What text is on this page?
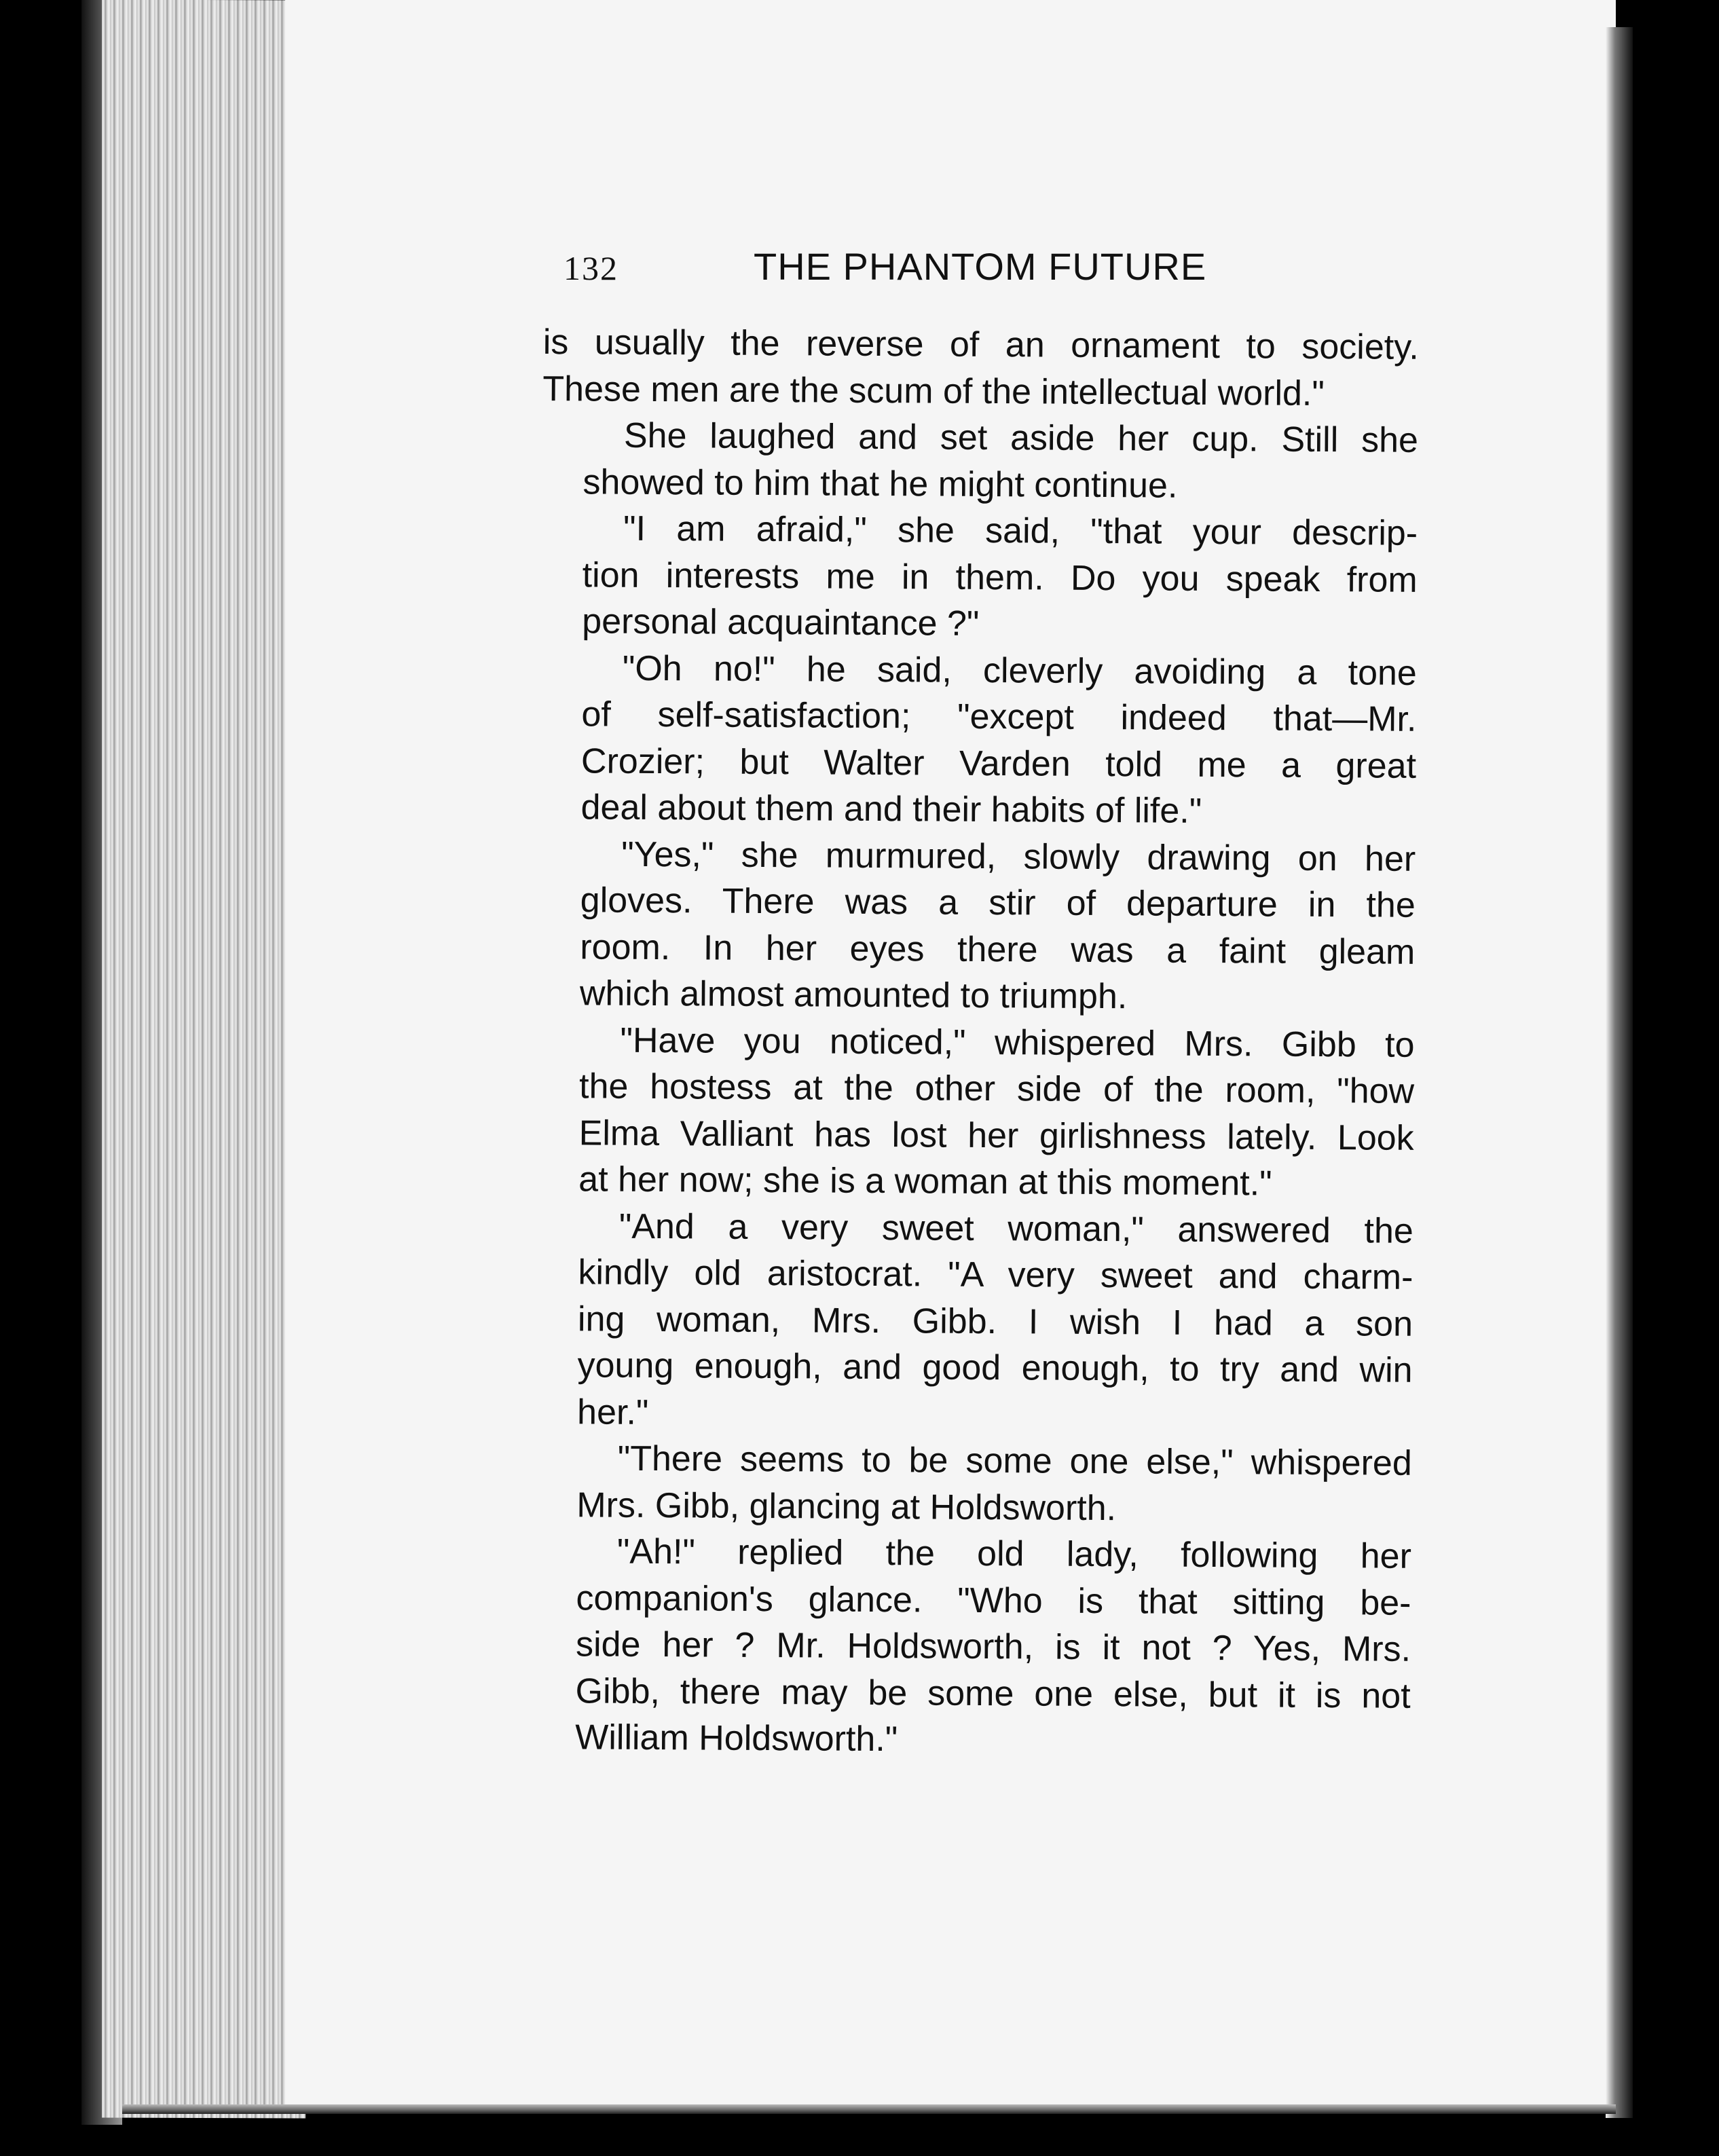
132	THE PHANTOM FUTURE
is usually the reverse of an ornament to society.
These men are the scum of the intellectual world."
She laughed and set aside her cup. Still she
showed to him that he might continue.
"I am afraid," she said, "that your descrip-
tion interests me in them. Do you speak from
personal acquaintance ?"
"Oh no!" he said, cleverly avoiding a tone
of self-satisfaction; "except indeed that—Mr.
Crozier; but Walter Varden told me a great
deal about them and their habits of life."
"Yes," she murmured, slowly drawing on her
gloves. There was a stir of departure in the
room. In her eyes there was a faint gleam
which almost amounted to triumph.
"Have you noticed," whispered Mrs. Gibb to
the hostess at the other side of the room, "how
Elma Valliant has lost her girlishness lately. Look
at her now; she is a woman at this moment."
"And a very sweet woman," answered the
kindly old aristocrat. "A very sweet and charm-
ing woman, Mrs. Gibb. I wish I had a son
young enough, and good enough, to try and win
her."
"There seems to be some one else," whispered
Mrs. Gibb, glancing at Holdsworth.
"Ah!" replied the old lady, following her
companion's glance. "Who is that sitting be-
side her ? Mr. Holdsworth, is it not ? Yes, Mrs.
Gibb, there may be some one else, but it is not
William Holdsworth."
